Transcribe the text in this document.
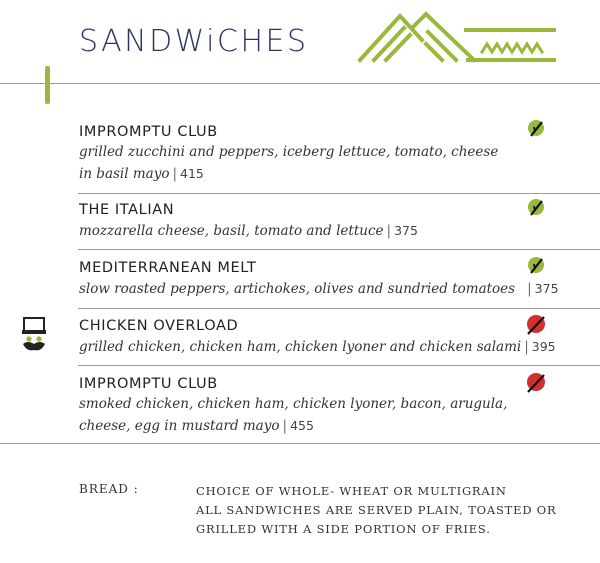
SANDWiCHES
IMPROMPTU CLUB
grilled zucchini and peppers, iceberg lettuce, tomato, cheese
in basil mayo | 415
THE ITALIAN
mozzarella cheese, basil, tomato and lettuce | 375
MEDITERRANEAN MELT
slow roasted peppers, artichokes, olives and sundried tomatoes | 375
CHICKEN OVERLOAD
grilled chicken, chicken ham, chicken lyoner and chicken salami | 395
IMPROMPTU CLUB
smoked chicken, chicken ham, chicken lyoner, bacon, arugula,
cheese, egg in mustard mayo | 455
BREAD :	CHOICE OF WHOLE- WHEAT OR MULTIGRAIN
ALL SANDWICHES ARE SERVED PLAIN, TOASTED OR
GRILLED WITH A SIDE PORTION OF FRIES.
